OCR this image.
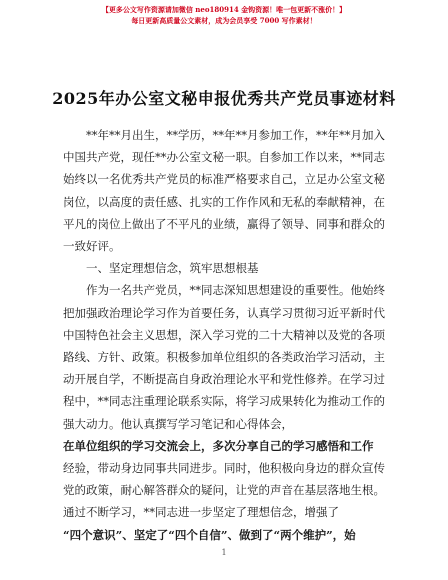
【更多公文写作资源请加微信 neo180914 金钩资源！唯一包更新不涨价！】
每日更新高质量公文素材，成为会员享受 7000 写作素材！
2025年办公室文秘申报优秀共产党员事迹材料

**年**月出生，**学历，**年**月参加工作，**年**月加入中国共产党，现任**办公室文秘一职。自参加工作以来，**同志始终以一名优秀共产党员的标准严格要求自己，立足办公室文秘岗位，以高度的责任感、扎实的工作作风和无私的奉献精神，在平凡的岗位上做出了不平凡的业绩，赢得了领导、同事和群众的一致好评。

一、坚定理想信念，筑牢思想根基

作为一名共产党员，**同志深知思想建设的重要性。他始终把加强政治理论学习作为首要任务，认真学习贯彻习近平新时代中国特色社会主义思想，深入学习党的二十大精神以及党的各项路线、方针、政策。积极参加单位组织的各类政治学习活动，主动开展自学，不断提高自身政治理论水平和党性修养。在学习过程中，**同志注重理论联系实际，将学习成果转化为推动工作的强大动力。他认真撰写学习笔记和心得体会，

在单位组织的学习交流会上，多次分享自己的学习感悟和工作

经验，带动身边同事共同进步。同时，他积极向身边的群众宣传党的政策，耐心解答群众的疑问，让党的声音在基层落地生根。通过不断学习，**同志进一步坚定了理想信念，增强了

“四个意识”、坚定了“四个自信”、做到了“两个维护”，始

1
